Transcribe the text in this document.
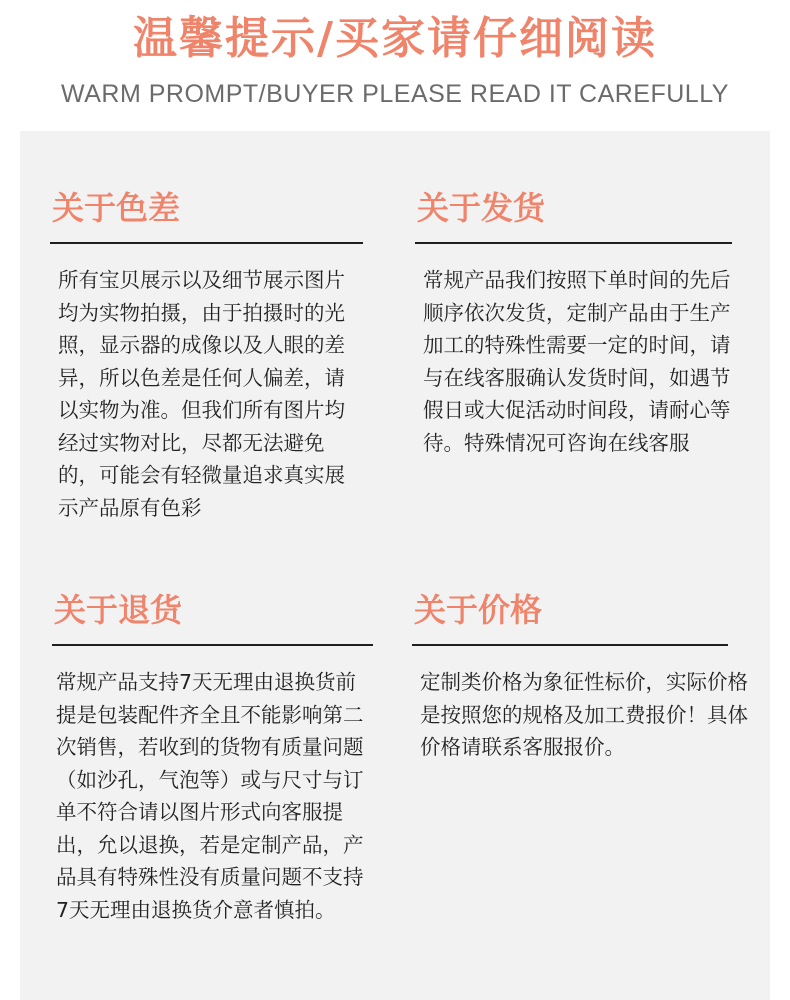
温馨提示/买家请仔细阅读
WARM PROMPT/BUYER PLEASE READ IT CAREFULLY
关于色差
所有宝贝展示以及细节展示图片均为实物拍摄，由于拍摄时的光照，显示器的成像以及人眼的差异，所以色差是任何人偏差，请以实物为准。但我们所有图片均经过实物对比，尽都无法避免的，可能会有轻微量追求真实展示产品原有色彩
关于发货
常规产品我们按照下单时间的先后顺序依次发货，定制产品由于生产加工的特殊性需要一定的时间，请与在线客服确认发货时间，如遇节假日或大促活动时间段，请耐心等待。特殊情况可咨询在线客服
关于退货
常规产品支持7天无理由退换货前提是包装配件齐全且不能影响第二次销售，若收到的货物有质量问题（如沙孔，气泡等）或与尺寸与订单不符合请以图片形式向客服提出，允以退换，若是定制产品，产品具有特殊性没有质量问题不支持7天无理由退换货介意者慎拍。
关于价格
定制类价格为象征性标价，实际价格是按照您的规格及加工费报价！具体价格请联系客服报价。
